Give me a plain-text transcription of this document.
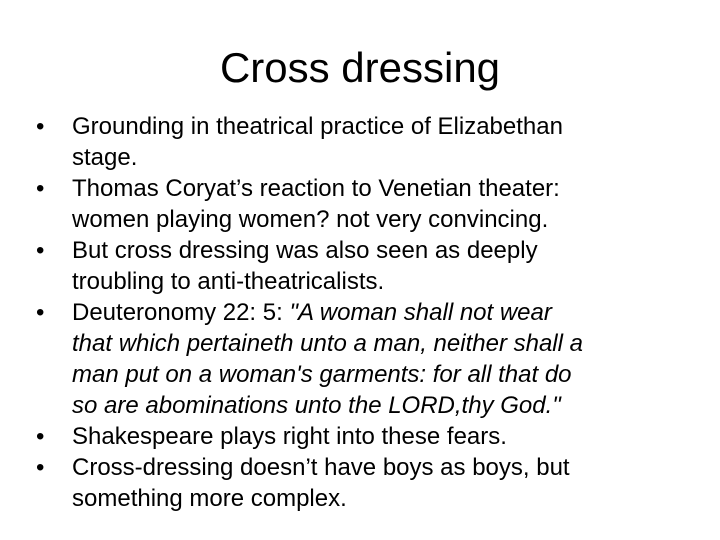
Cross dressing
•	Grounding in theatrical practice of Elizabethan
stage.
•	Thomas Coryat’s reaction to Venetian theater:
women playing women? not very convincing.
•	But cross dressing was also seen as deeply
troubling to anti-theatricalists.
•	Deuteronomy 22: 5: "A woman shall not wear
that which pertaineth unto a man, neither shall a
man put on a woman's garments: for all that do
so are abominations unto the LORD,thy God."
•	Shakespeare plays right into these fears.
•	Cross-dressing doesn’t have boys as boys, but
something more complex.
